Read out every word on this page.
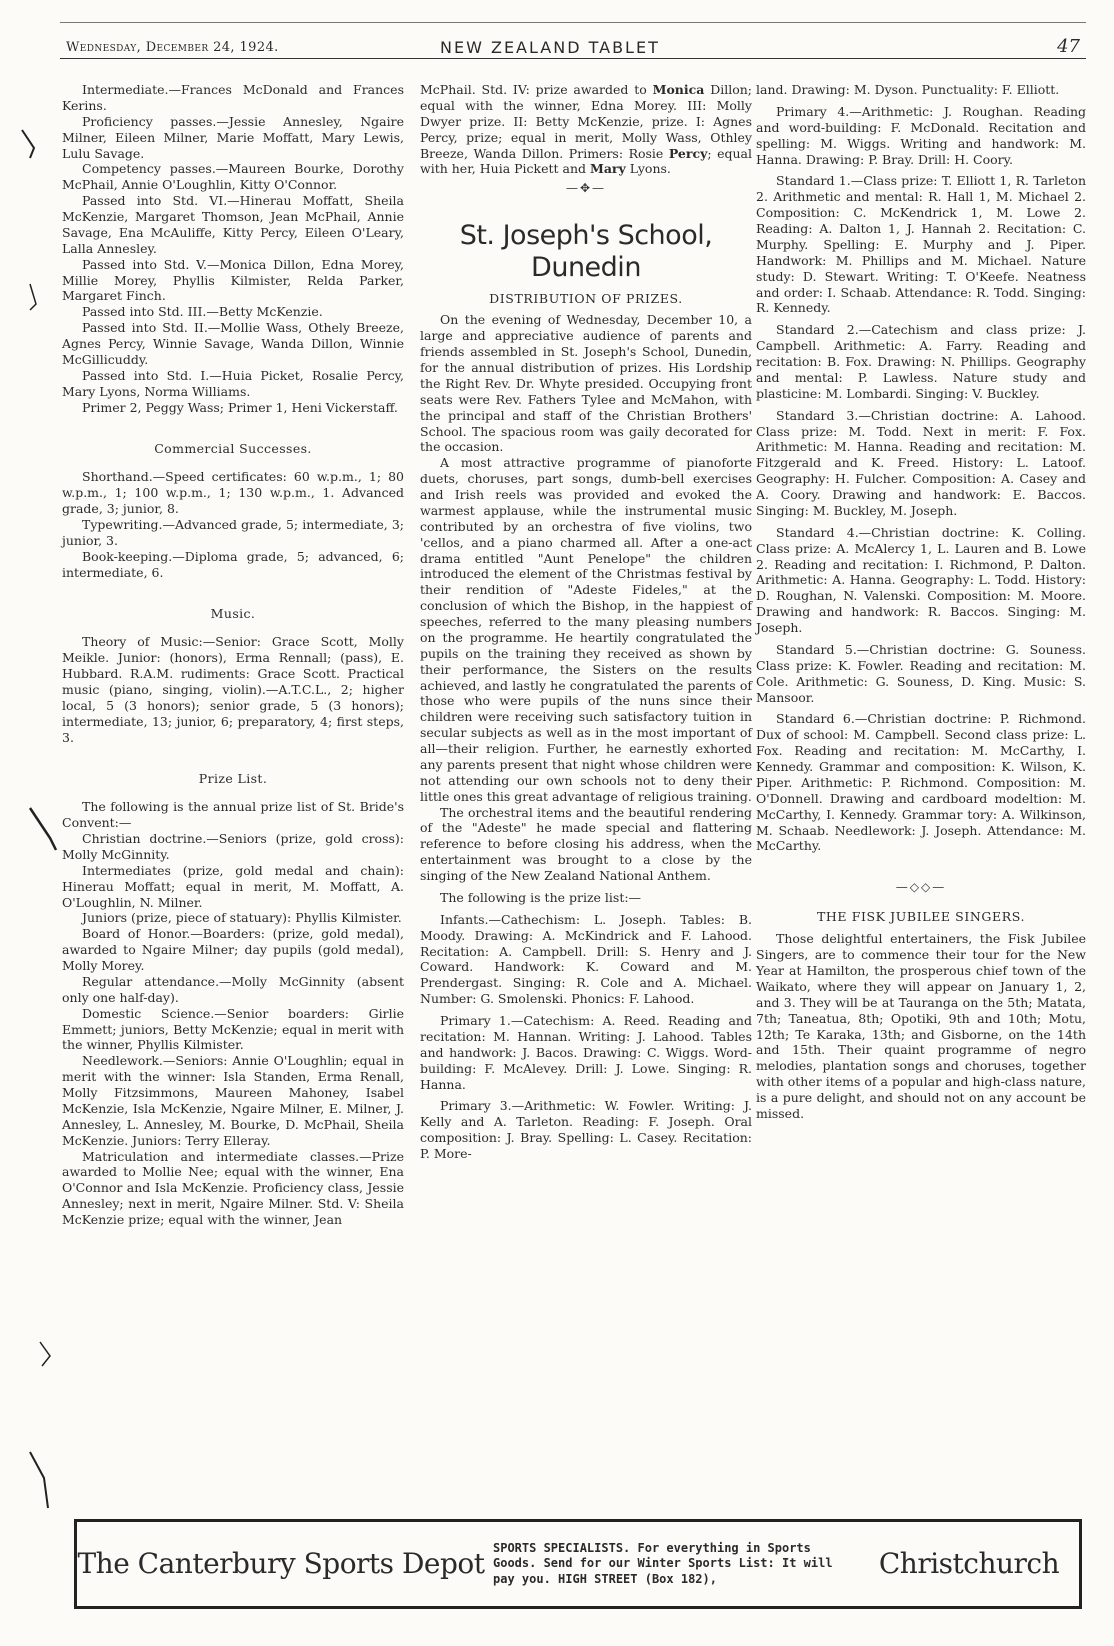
Wednesday, December 24, 1924.	NEW ZEALAND TABLET	47

Intermediate.—Frances McDonald and Frances Kerins.

Proficiency passes.—Jessie Annesley, Ngaire Milner, Eileen Milner, Marie Moffatt, Mary Lewis, Lulu Savage.

Competency passes.—Maureen Bourke, Dorothy McPhail, Annie O'Loughlin, Kitty O'Connor.

Passed into Std. VI.—Hinerau Moffatt, Sheila McKenzie, Margaret Thomson, Jean McPhail, Annie Savage, Ena McAuliffe, Kitty Percy, Eileen O'Leary, Lalla Annesley.

Passed into Std. V.—Monica Dillon, Edna Morey, Millie Morey, Phyllis Kilmister, Relda Parker, Margaret Finch.

Passed into Std. III.—Betty McKenzie.

Passed into Std. II.—Mollie Wass, Othely Breeze, Agnes Percy, Winnie Savage, Wanda Dillon, Winnie McGillicuddy.

Passed into Std. I.—Huia Picket, Rosalie Percy, Mary Lyons, Norma Williams.

Primer 2, Peggy Wass; Primer 1, Heni Vickerstaff.

Commercial Successes.

Shorthand.—Speed certificates: 60 w.p.m., 1; 80 w.p.m., 1; 100 w.p.m., 1; 130 w.p.m., 1. Advanced grade, 3; junior, 8.

Typewriting.—Advanced grade, 5; intermediate, 3; junior, 3.

Book-keeping.—Diploma grade, 5; advanced, 6; intermediate, 6.

Music.

Theory of Music:—Senior: Grace Scott, Molly Meikle. Junior: (honors), Erma Rennall; (pass), E. Hubbard. R.A.M. rudiments: Grace Scott. Practical music (piano, singing, violin).—A.T.C.L., 2; higher local, 5 (3 honors); senior grade, 5 (3 honors); intermediate, 13; junior, 6; preparatory, 4; first steps, 3.

Prize List.

The following is the annual prize list of St. Bride's Convent:—

Christian doctrine.—Seniors (prize, gold cross): Molly McGinnity.

Intermediates (prize, gold medal and chain): Hinerau Moffatt; equal in merit, M. Moffatt, A. O'Loughlin, N. Milner.

Juniors (prize, piece of statuary): Phyllis Kilmister.

Board of Honor.—Boarders: (prize, gold medal), awarded to Ngaire Milner; day pupils (gold medal), Molly Morey.

Regular attendance.—Molly McGinnity (absent only one half-day).

Domestic Science.—Senior boarders: Girlie Emmett; juniors, Betty McKenzie; equal in merit with the winner, Phyllis Kilmister.

Needlework.—Seniors: Annie O'Loughlin; equal in merit with the winner: Isla Standen, Erma Renall, Molly Fitzsimmons, Maureen Mahoney, Isabel McKenzie, Isla McKenzie, Ngaire Milner, E. Milner, J. Annesley, L. Annesley, M. Bourke, D. McPhail, Sheila McKenzie. Juniors: Terry Elleray.

Matriculation and intermediate classes.—Prize awarded to Mollie Nee; equal with the winner, Ena O'Connor and Isla McKenzie. Proficiency class, Jessie Annesley; next in merit, Ngaire Milner. Std. V: Sheila McKenzie prize; equal with the winner, Jean

McPhail. Std. IV: prize awarded to Monica Dillon; equal with the winner, Edna Morey. III: Molly Dwyer prize. II: Betty McKenzie, prize. I: Agnes Percy, prize; equal in merit, Molly Wass, Othley Breeze, Wanda Dillon. Primers: Rosie Percy; equal with her, Huia Pickett and Mary Lyons.

—✥—
St. Joseph's School,
Dunedin
DISTRIBUTION OF PRIZES.

On the evening of Wednesday, December 10, a large and appreciative audience of parents and friends assembled in St. Joseph's School, Dunedin, for the annual distribution of prizes. His Lordship the Right Rev. Dr. Whyte presided. Occupying front seats were Rev. Fathers Tylee and McMahon, with the principal and staff of the Christian Brothers' School. The spacious room was gaily decorated for the occasion.

A most attractive programme of pianoforte duets, choruses, part songs, dumb-bell exercises and Irish reels was provided and evoked the warmest applause, while the instrumental music contributed by an orchestra of five violins, two 'cellos, and a piano charmed all. After a one-act drama entitled "Aunt Penelope" the children introduced the element of the Christmas festival by their rendition of "Adeste Fideles," at the conclusion of which the Bishop, in the happiest of speeches, referred to the many pleasing numbers on the programme. He heartily congratulated the pupils on the training they received as shown by their performance, the Sisters on the results achieved, and lastly he congratulated the parents of those who were pupils of the nuns since their children were receiving such satisfactory tuition in secular subjects as well as in the most important of all—their religion. Further, he earnestly exhorted any parents present that night whose children were not attending our own schools not to deny their little ones this great advantage of religious training.

The orchestral items and the beautiful rendering of the "Adeste" he made special and flattering reference to before closing his address, when the entertainment was brought to a close by the singing of the New Zealand National Anthem.

The following is the prize list:—

Infants.—Cathechism: L. Joseph. Tables: B. Moody. Drawing: A. McKindrick and F. Lahood. Recitation: A. Campbell. Drill: S. Henry and J. Coward. Handwork: K. Coward and M. Prendergast. Singing: R. Cole and A. Michael. Number: G. Smolenski. Phonics: F. Lahood.

Primary 1.—Catechism: A. Reed. Reading and recitation: M. Hannan. Writing: J. Lahood. Tables and handwork: J. Bacos. Drawing: C. Wiggs. Word-building: F. McAlevey. Drill: J. Lowe. Singing: R. Hanna.

Primary 3.—Arithmetic: W. Fowler. Writing: J. Kelly and A. Tarleton. Reading: F. Joseph. Oral composition: J. Bray. Spelling: L. Casey. Recitation: P. More-

land. Drawing: M. Dyson. Punctuality: F. Elliott.

Primary 4.—Arithmetic: J. Roughan. Reading and word-building: F. McDonald. Recitation and spelling: M. Wiggs. Writing and handwork: M. Hanna. Drawing: P. Bray. Drill: H. Coory.

Standard 1.—Class prize: T. Elliott 1, R. Tarleton 2. Arithmetic and mental: R. Hall 1, M. Michael 2. Composition: C. McKendrick 1, M. Lowe 2. Reading: A. Dalton 1, J. Hannah 2. Recitation: C. Murphy. Spelling: E. Murphy and J. Piper. Handwork: M. Phillips and M. Michael. Nature study: D. Stewart. Writing: T. O'Keefe. Neatness and order: I. Schaab. Attendance: R. Todd. Singing: R. Kennedy.

Standard 2.—Catechism and class prize: J. Campbell. Arithmetic: A. Farry. Reading and recitation: B. Fox. Drawing: N. Phillips. Geography and mental: P. Lawless. Nature study and plasticine: M. Lombardi. Singing: V. Buckley.

Standard 3.—Christian doctrine: A. Lahood. Class prize: M. Todd. Next in merit: F. Fox. Arithmetic: M. Hanna. Reading and recitation: M. Fitzgerald and K. Freed. History: L. Latoof. Geography: H. Fulcher. Composition: A. Casey and A. Coory. Drawing and handwork: E. Baccos. Singing: M. Buckley, M. Joseph.

Standard 4.—Christian doctrine: K. Colling. Class prize: A. McAlercy 1, L. Lauren and B. Lowe 2. Reading and recitation: I. Richmond, P. Dalton. Arithmetic: A. Hanna. Geography: L. Todd. History: D. Roughan, N. Valenski. Composition: M. Moore. Drawing and handwork: R. Baccos. Singing: M. Joseph.

Standard 5.—Christian doctrine: G. Souness. Class prize: K. Fowler. Reading and recitation: M. Cole. Arithmetic: G. Souness, D. King. Music: S. Mansoor.

Standard 6.—Christian doctrine: P. Richmond. Dux of school: M. Campbell. Second class prize: L. Fox. Reading and recitation: M. McCarthy, I. Kennedy. Grammar and composition: K. Wilson, K. Piper. Arithmetic: P. Richmond. Composition: M. O'Donnell. Drawing and cardboard modeltion: M. McCarthy, I. Kennedy. Grammar tory: A. Wilkinson, M. Schaab. Needlework: J. Joseph. Attendance: M. McCarthy.

—◇◇—
THE FISK JUBILEE SINGERS.

Those delightful entertainers, the Fisk Jubilee Singers, are to commence their tour for the New Year at Hamilton, the prosperous chief town of the Waikato, where they will appear on January 1, 2, and 3. They will be at Tauranga on the 5th; Matata, 7th; Taneatua, 8th; Opotiki, 9th and 10th; Motu, 12th; Te Karaka, 13th; and Gisborne, on the 14th and 15th. Their quaint programme of negro melodies, plantation songs and choruses, together with other items of a popular and high-class nature, is a pure delight, and should not on any account be missed.

The Canterbury Sports Depot SPORTS SPECIALISTS. For everything in Sports
Goods. Send for our Winter Sports List: It will
pay you. HIGH STREET (Box 182),	Christchurch
